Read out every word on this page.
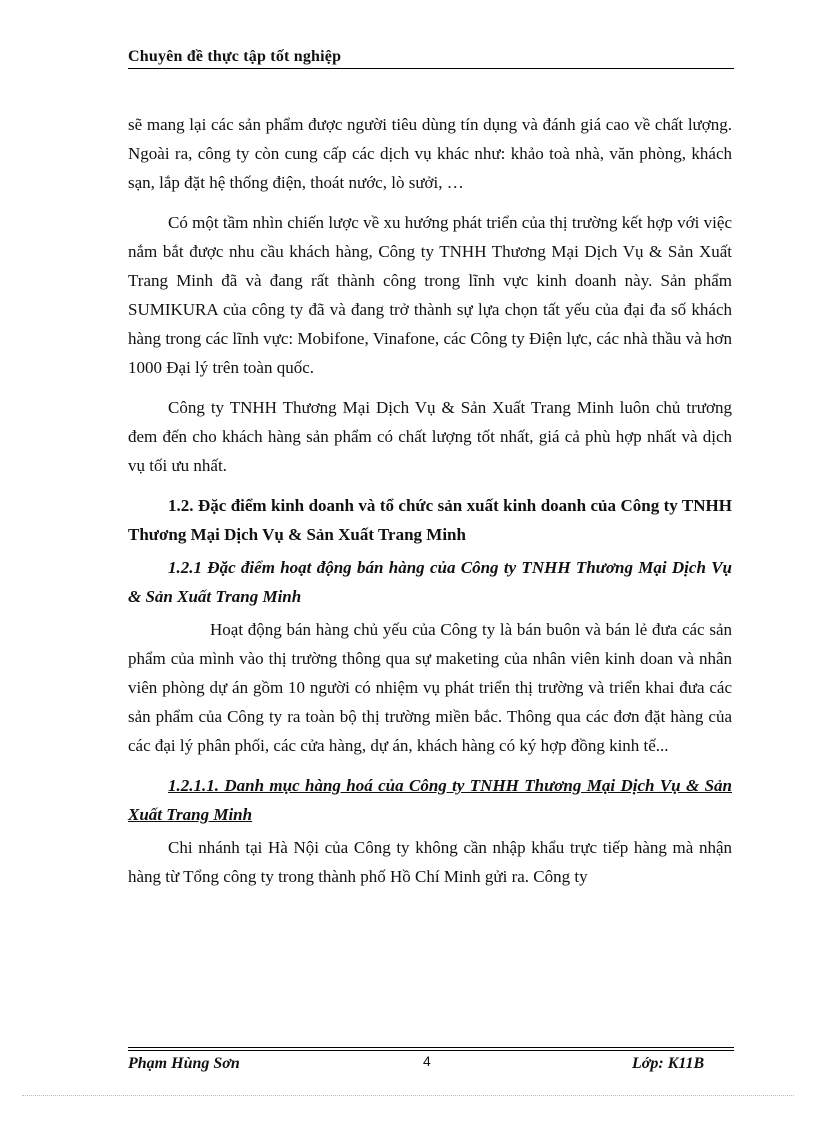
Chuyên đề thực tập tốt nghiệp

sẽ mang lại các sản phẩm được người tiêu dùng tín dụng và đánh giá cao về chất lượng. Ngoài ra, công ty còn cung cấp các dịch vụ khác như: khảo toà nhà, văn phòng, khách sạn, lắp đặt hệ thống điện, thoát nước, lò sưởi, …

Có một tầm nhìn chiến lược về xu hướng phát triển của thị trường kết hợp với việc nắm bắt được nhu cầu khách hàng, Công ty TNHH Thương Mại Dịch Vụ & Sản Xuất Trang Minh đã và đang rất thành công trong lĩnh vực kinh doanh này. Sản phẩm SUMIKURA của công ty đã và đang trở thành sự lựa chọn tất yếu của đại đa số khách hàng trong các lĩnh vực: Mobifone, Vinafone, các Công ty Điện lực, các nhà thầu và hơn 1000 Đại lý trên toàn quốc.

Công ty TNHH Thương Mại Dịch Vụ & Sản Xuất Trang Minh luôn chủ trương đem đến cho khách hàng sản phẩm có chất lượng tốt nhất, giá cả phù hợp nhất và dịch vụ tối ưu nhất.

1.2. Đặc điểm kinh doanh và tổ chức sản xuất kinh doanh của Công ty TNHH Thương Mại Dịch Vụ & Sản Xuất Trang Minh

1.2.1 Đặc điểm hoạt động bán hàng của Công ty TNHH Thương Mại Dịch Vụ & Sản Xuất Trang Minh

Hoạt động bán hàng chủ yếu của Công ty là bán buôn và bán lẻ đưa các sản phẩm của mình vào thị trường thông qua sự maketing của nhân viên kinh doan và nhân viên phòng dự án gồm 10 người có nhiệm vụ phát triển thị trường và triển khai đưa các sản phẩm của Công ty ra toàn bộ thị trường miền bắc. Thông qua các đơn đặt hàng của các đại lý phân phối, các cửa hàng, dự án, khách hàng có ký hợp đồng kinh tế...

1.2.1.1. Danh mục hàng hoá của Công ty TNHH Thương Mại Dịch Vụ & Sản Xuất Trang Minh

Chi nhánh tại Hà Nội của Công ty không cần nhập khẩu trực tiếp hàng mà nhận hàng từ Tổng công ty trong thành phố Hồ Chí Minh gửi ra. Công ty

Phạm Hùng Sơn	4	Lớp: K11B
